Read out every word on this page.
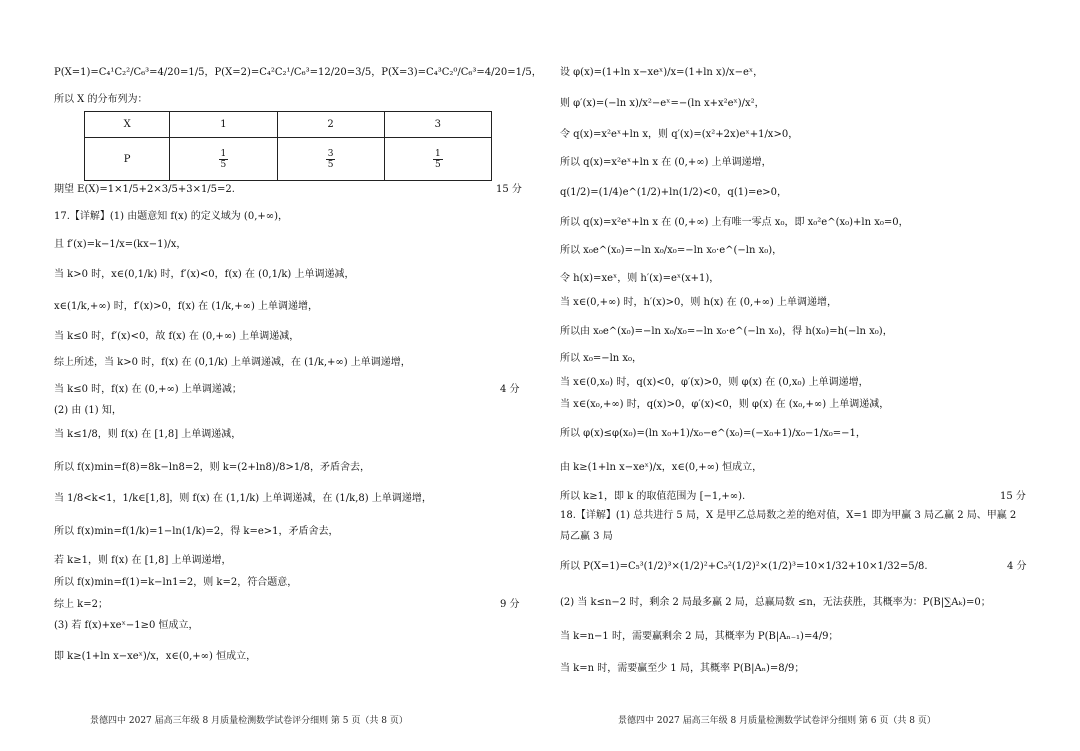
P(X=1)=C₄¹C₂²/C₆³=4/20=1/5，P(X=2)=C₄²C₂¹/C₆³=12/20=3/5，P(X=3)=C₄³C₂⁰/C₆³=4/20=1/5，
所以 X 的分布列为：
期望 E(X)=1×1/5+2×3/5+3×1/5=2.
17.【详解】(1) 由题意知 f(x) 的定义域为 (0,+∞)，
且 f′(x)=k−1/x=(kx−1)/x，
当 k>0 时，x∈(0,1/k) 时，f′(x)<0，f(x) 在 (0,1/k) 上单调递减，
x∈(1/k,+∞) 时，f′(x)>0，f(x) 在 (1/k,+∞) 上单调递增，
当 k≤0 时，f′(x)<0，故 f(x) 在 (0,+∞) 上单调递减，
综上所述，当 k>0 时，f(x) 在 (0,1/k) 上单调递减，在 (1/k,+∞) 上单调递增，
当 k≤0 时，f(x) 在 (0,+∞) 上单调递减；
(2) 由 (1) 知，
当 k≤1/8，则 f(x) 在 [1,8] 上单调递减，
所以 f(x)min=f(8)=8k−ln8=2，则 k=(2+ln8)/8>1/8，矛盾舍去，
当 1/8<k<1，1/k∈[1,8]，则 f(x) 在 (1,1/k) 上单调递减，在 (1/k,8) 上单调递增，
所以 f(x)min=f(1/k)=1−ln(1/k)=2，得 k=e>1，矛盾舍去，
若 k≥1，则 f(x) 在 [1,8] 上单调递增，
所以 f(x)min=f(1)=k−ln1=2，则 k=2，符合题意，
综上 k=2；
(3) 若 f(x)+xeˣ−1≥0 恒成立，
即 k≥(1+ln x−xeˣ)/x，x∈(0,+∞) 恒成立，
X	1	2	3
P	$\frac{1}{5}$	$\frac{3}{5}$	$\frac{1}{5}$
15 分
4 分
9 分
景德四中 2027 届高三年级 8 月质量检测数学试卷评分细则 第 5 页（共 8 页）
设 φ(x)=(1+ln x−xeˣ)/x=(1+ln x)/x−eˣ，
则 φ′(x)=(−ln x)/x²−eˣ=−(ln x+x²eˣ)/x²，
令 q(x)=x²eˣ+ln x，则 q′(x)=(x²+2x)eˣ+1/x>0，
所以 q(x)=x²eˣ+ln x 在 (0,+∞) 上单调递增，
q(1/2)=(1/4)e^(1/2)+ln(1/2)<0，q(1)=e>0，
所以 q(x)=x²eˣ+ln x 在 (0,+∞) 上有唯一零点 x₀，即 x₀²e^(x₀)+ln x₀=0，
所以 x₀e^(x₀)=−ln x₀/x₀=−ln x₀·e^(−ln x₀)，
令 h(x)=xeˣ，则 h′(x)=eˣ(x+1)，
当 x∈(0,+∞) 时，h′(x)>0，则 h(x) 在 (0,+∞) 上单调递增，
所以由 x₀e^(x₀)=−ln x₀/x₀=−ln x₀·e^(−ln x₀)，得 h(x₀)=h(−ln x₀)，
所以 x₀=−ln x₀，
当 x∈(0,x₀) 时，q(x)<0，φ′(x)>0，则 φ(x) 在 (0,x₀) 上单调递增，
当 x∈(x₀,+∞) 时，q(x)>0，φ′(x)<0，则 φ(x) 在 (x₀,+∞) 上单调递减，
所以 φ(x)≤φ(x₀)=(ln x₀+1)/x₀−e^(x₀)=(−x₀+1)/x₀−1/x₀=−1，
由 k≥(1+ln x−xeˣ)/x，x∈(0,+∞) 恒成立，
所以 k≥1，即 k 的取值范围为 [−1,+∞).
18.【详解】(1) 总共进行 5 局，X 是甲乙总局数之差的绝对值，X=1 即为甲赢 3 局乙赢 2 局、甲赢 2
局乙赢 3 局
所以 P(X=1)=C₅³(1/2)³×(1/2)²+C₅²(1/2)²×(1/2)³=10×1/32+10×1/32=5/8.
(2) 当 k≤n−2 时，剩余 2 局最多赢 2 局，总赢局数 ≤n，无法获胜，其概率为：P(B|∑Aₖ)=0；
当 k=n−1 时，需要赢剩余 2 局，其概率为 P(B|Aₙ₋₁)=4/9；
当 k=n 时，需要赢至少 1 局，其概率 P(B|Aₙ)=8/9；
15 分
4 分
景德四中 2027 届高三年级 8 月质量检测数学试卷评分细则 第 6 页（共 8 页）
